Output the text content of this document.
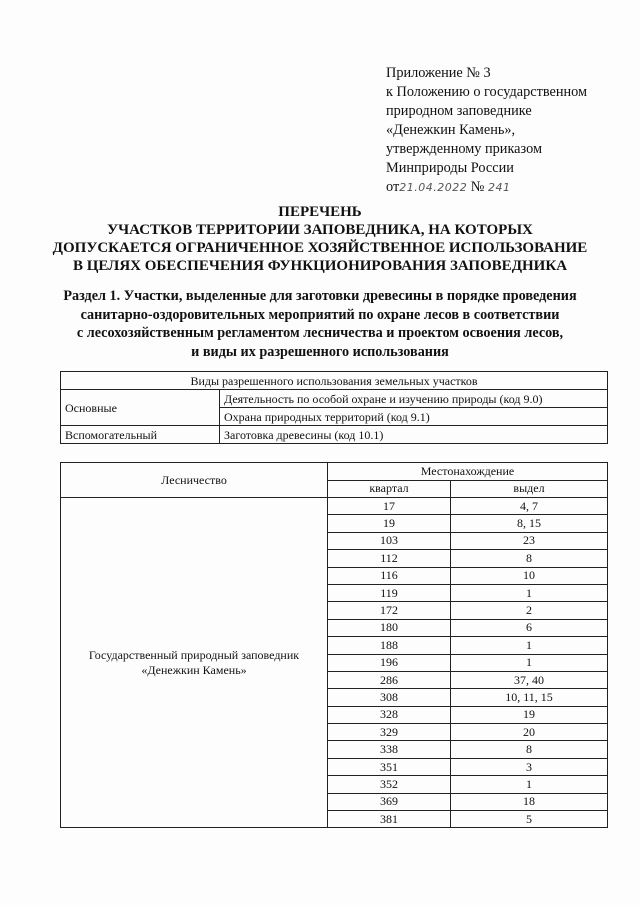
Приложение № 3
к Положению о государственном
природном заповеднике
«Денежкин Камень»,
утвержденному приказом
Минприроды России
от21.04.2022 № 241
ПЕРЕЧЕНЬ
УЧАСТКОВ ТЕРРИТОРИИ ЗАПОВЕДНИКА, НА КОТОРЫХ
ДОПУСКАЕТСЯ ОГРАНИЧЕННОЕ ХОЗЯЙСТВЕННОЕ ИСПОЛЬЗОВАНИЕ
В ЦЕЛЯХ ОБЕСПЕЧЕНИЯ ФУНКЦИОНИРОВАНИЯ ЗАПОВЕДНИКА
Раздел 1. Участки, выделенные для заготовки древесины в порядке проведения
санитарно-оздоровительных мероприятий по охране лесов в соответствии
с лесохозяйственным регламентом лесничества и проектом освоения лесов,
и виды их разрешенного использования
Виды разрешенного использования земельных участков	
Основные	Деятельность по особой охране и изучению природы (код 9.0)
	Охрана природных территорий (код 9.1)
Вспомогательный	Заготовка древесины (код 10.1)
Лесничество	Местонахождение	
	квартал	выдел

Государственный природный заповедник
«Денежкин Камень»	17	4, 7
	19	8, 15
	103	23
	112	8
	116	10
	119	1
	172	2
	180	6
	188	1
	196	1
	286	37, 40
	308	10, 11, 15
	328	19
	329	20
	338	8
	351	3
	352	1
	369	18
	381	5
